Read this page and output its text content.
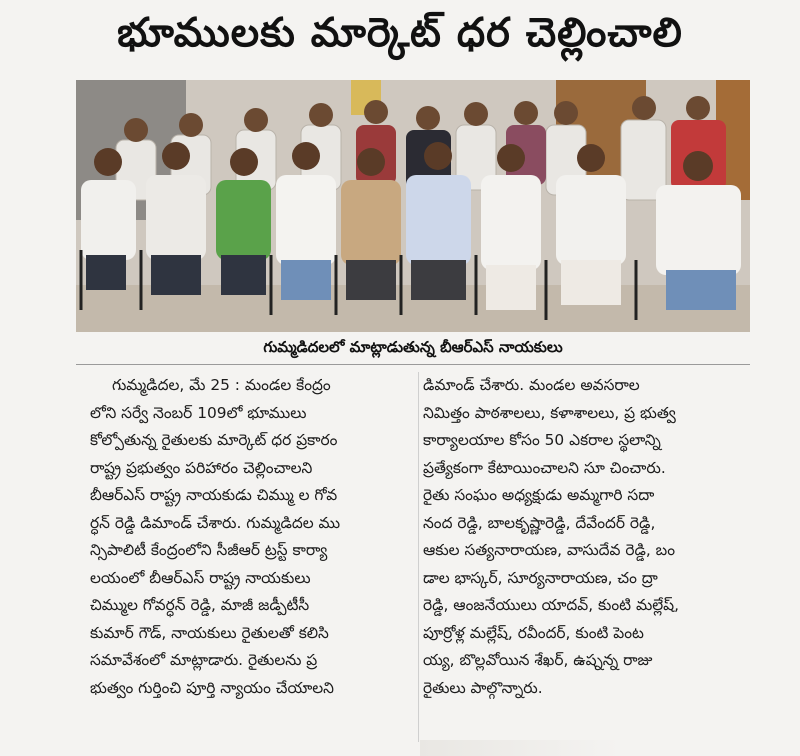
భూములకు మార్కెట్ ధర చెల్లించాలి
గుమ్మడిదలలో మాట్లాడుతున్న బీఆర్ఎస్ నాయకులు
గుమ్మడిదల, మే 25 : మండల కేంద్రం
లోని సర్వే నెంబర్ 109లో భూములు
కోల్పోతున్న రైతులకు మార్కెట్ ధర ప్రకారం
రాష్ట్ర ప్రభుత్వం పరిహారం చెల్లించాలని
బీఆర్ఎస్ రాష్ట్ర నాయకుడు చిమ్ము ల గోవ
ర్ధన్ రెడ్డి డిమాండ్ చేశారు. గుమ్మడిదల ము
న్సిపాలిటీ కేంద్రంలోని సీజీఆర్ ట్రస్ట్ కార్యా
లయంలో బీఆర్ఎస్ రాష్ట్ర నాయకులు
చిమ్ముల గోవర్ధన్ రెడ్డి, మాజీ జడ్పీటీసీ
కుమార్ గౌడ్, నాయకులు రైతులతో కలిసి
సమావేశంలో మాట్లాడారు. రైతులను ప్ర
భుత్వం గుర్తించి పూర్తి న్యాయం చేయాలని
డిమాండ్ చేశారు. మండల అవసరాల
నిమిత్తం పాఠశాలలు, కళాశాలలు, ప్ర భుత్వ
కార్యాలయాల కోసం 50 ఎకరాల స్థలాన్ని
ప్రత్యేకంగా కేటాయించాలని సూ చించారు.
రైతు సంఘం అధ్యక్షుడు అమ్మగారి సదా
నంద రెడ్డి, బాలకృష్ణారెడ్డి, దేవేందర్ రెడ్డి,
ఆకుల సత్యనారాయణ, వాసుదేవ రెడ్డి, బం
డాల భాస్కర్, సూర్యనారాయణ, చం ద్రా
రెడ్డి, ఆంజనేయులు యాదవ్, కుంటి మల్లేష్,
పూర్రోళ్ల మల్లేష్, రవీందర్, కుంటి పెంట
య్య, బొల్లవోయిన శేఖర్, ఉష్నన్న రాజు
రైతులు పాల్గొన్నారు.
